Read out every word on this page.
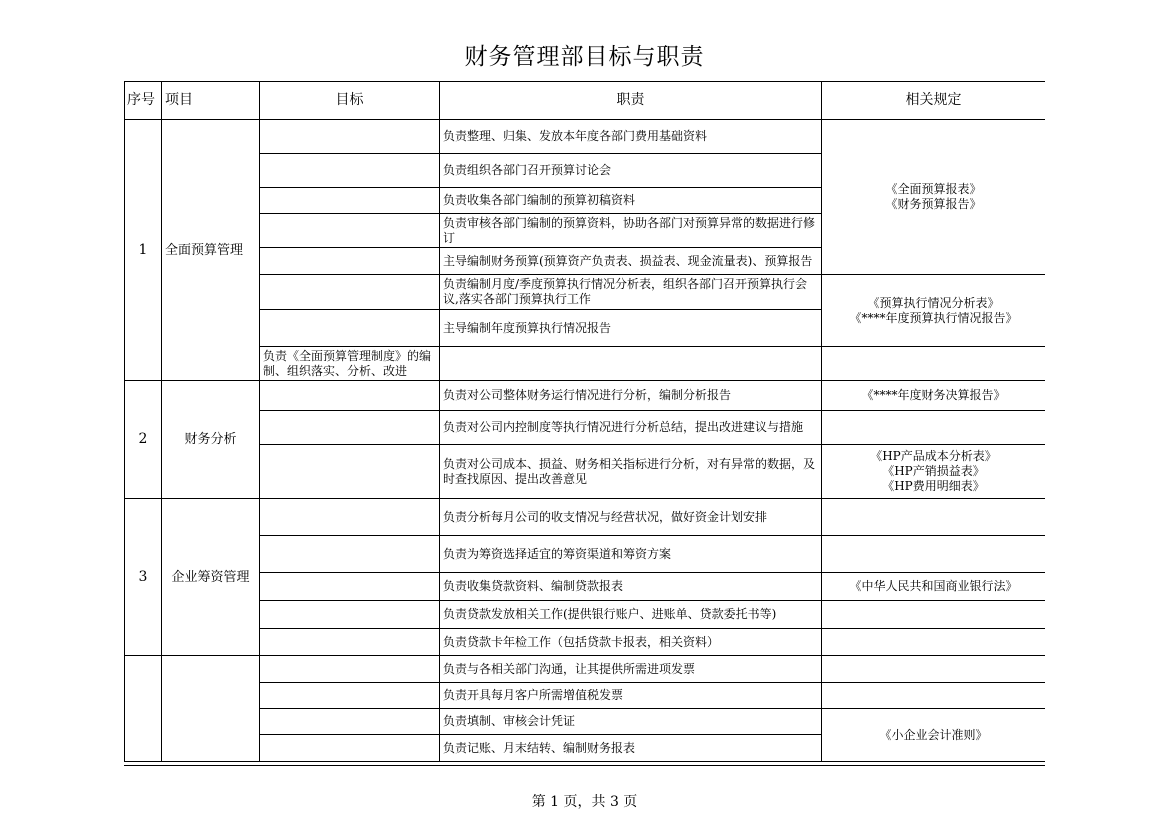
财务管理部目标与职责
序号	项目	目标	职责	相关规定
1	全面预算管理		负责整理、归集、发放本年度各部门费用基础资料	《全面预算报表》
《财务预算报告》

			负责组织各部门召开预算讨论会	
			负责收集各部门编制的预算初稿资料	
			负责审核各部门编制的预算资料，协助各部门对预算异常的数据进行修订	
			主导编制财务预算(预算资产负责表、损益表、现金流量表)、预算报告	
			负责编制月度/季度预算执行情况分析表，组织各部门召开预算执行会议,落实各部门预算执行工作	《预算执行情况分析表》
《****年度预算执行情况报告》

			主导编制年度预算执行情况报告	
		负责《全面预算管理制度》的编制、组织落实、分析、改进		
2	财务分析		负责对公司整体财务运行情况进行分析，编制分析报告	《****年度财务决算报告》

			负责对公司内控制度等执行情况进行分析总结，提出改进建议与措施	
			负责对公司成本、损益、财务相关指标进行分析，对有异常的数据，及时查找原因、提出改善意见	《HP产品成本分析表》
《HP产销损益表》
《HP费用明细表》

3	企业筹资管理		负责分析每月公司的收支情况与经营状况，做好资金计划安排	
			负责为筹资选择适宜的筹资渠道和筹资方案	
			负责收集贷款资料、编制贷款报表	《中华人民共和国商业银行法》

			负责贷款发放相关工作(提供银行账户、进账单、贷款委托书等)	
			负责贷款卡年检工作（包括贷款卡报表，相关资料）	
			负责与各相关部门沟通，让其提供所需进项发票	
			负责开具每月客户所需增值税发票	
			负责填制、审核会计凭证	《小企业会计准则》

			负责记账、月末结转、编制财务报表	
第 1 页，共 3 页
